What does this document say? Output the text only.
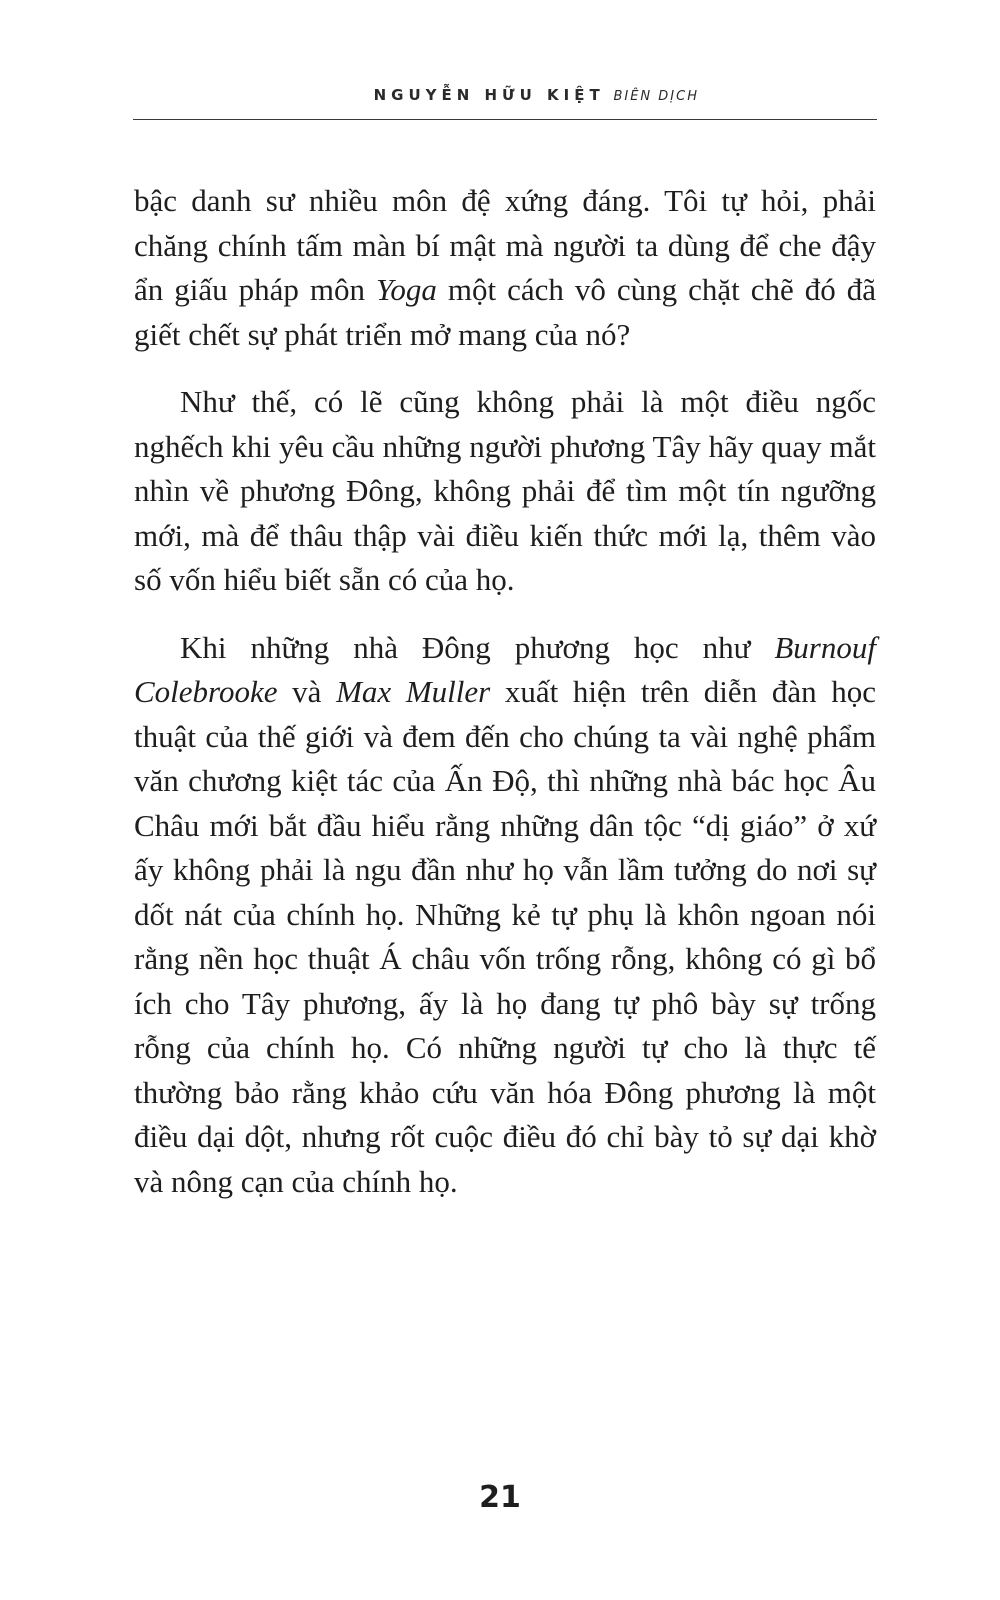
NGUYỄN HỮU KIỆT BIÊN DỊCH

bậc danh sư nhiều môn đệ xứng đáng. Tôi tự hỏi, phải chăng chính tấm màn bí mật mà người ta dùng để che đậy ẩn giấu pháp môn Yoga một cách vô cùng chặt chẽ đó đã giết chết sự phát triển mở mang của nó?

Như thế, có lẽ cũng không phải là một điều ngốc nghếch khi yêu cầu những người phương Tây hãy quay mắt nhìn về phương Đông, không phải để tìm một tín ngưỡng mới, mà để thâu thập vài điều kiến thức mới lạ, thêm vào số vốn hiểu biết sẵn có của họ.

Khi những nhà Đông phương học như Burnouf Colebrooke và Max Muller xuất hiện trên diễn đàn học thuật của thế giới và đem đến cho chúng ta vài nghệ phẩm văn chương kiệt tác của Ấn Độ, thì những nhà bác học Âu Châu mới bắt đầu hiểu rằng những dân tộc “dị giáo” ở xứ ấy không phải là ngu đần như họ vẫn lầm tưởng do nơi sự dốt nát của chính họ. Những kẻ tự phụ là khôn ngoan nói rằng nền học thuật Á châu vốn trống rỗng, không có gì bổ ích cho Tây phương, ấy là họ đang tự phô bày sự trống rỗng của chính họ. Có những người tự cho là thực tế thường bảo rằng khảo cứu văn hóa Đông phương là một điều dại dột, nhưng rốt cuộc điều đó chỉ bày tỏ sự dại khờ và nông cạn của chính họ.

21
